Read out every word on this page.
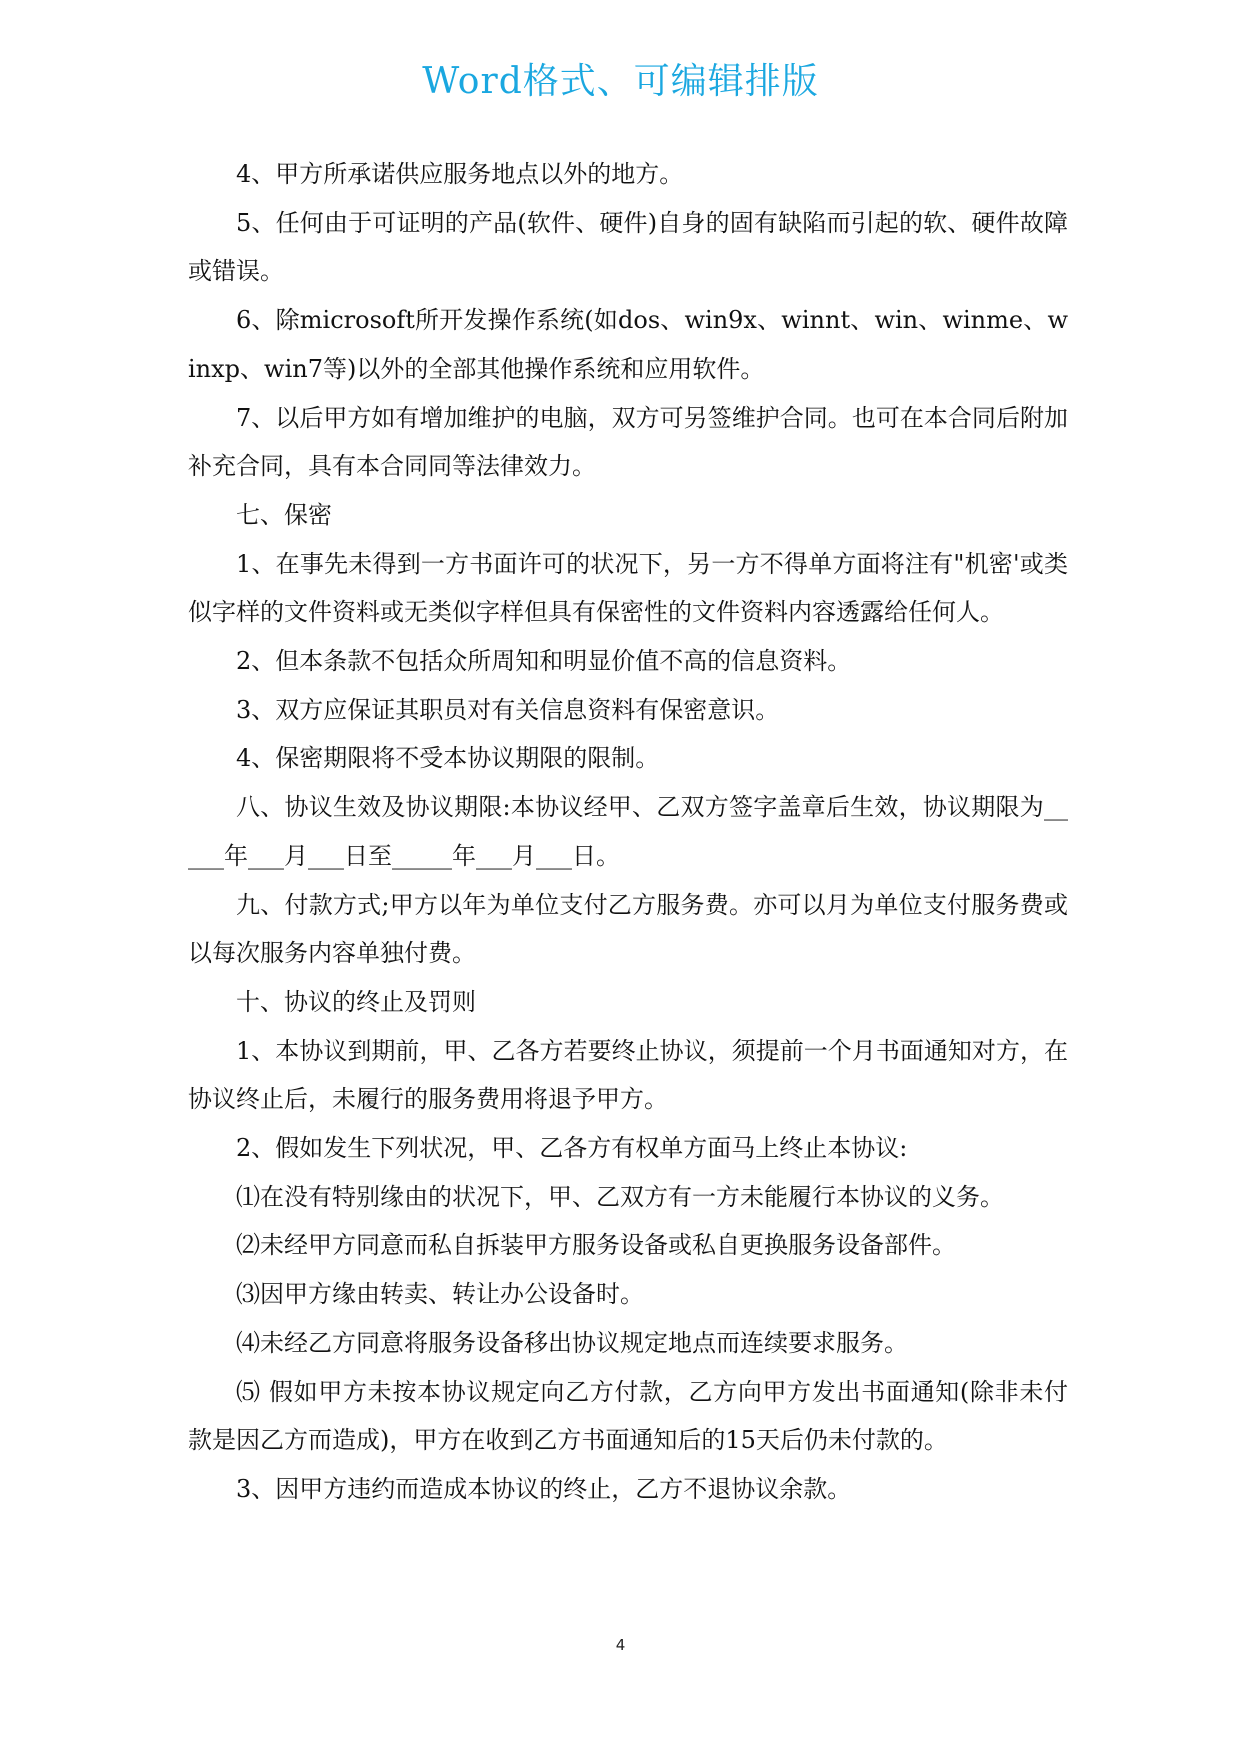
Word格式、可编辑排版

4、甲方所承诺供应服务地点以外的地方。

5、任何由于可证明的产品(软件、硬件)自身的固有缺陷而引起的软、硬件故障或错误。

6、除microsoft所开发操作系统(如dos、win9x、winnt、win、winme、winxp、win7等)以外的全部其他操作系统和应用软件。

7、以后甲方如有增加维护的电脑，双方可另签维护合同。也可在本合同后附加补充合同，具有本合同同等法律效力。

七、保密

1、在事先未得到一方书面许可的状况下，另一方不得单方面将注有"机密'或类似字样的文件资料或无类似字样但具有保密性的文件资料内容透露给任何人。

2、但本条款不包括众所周知和明显价值不高的信息资料。

3、双方应保证其职员对有关信息资料有保密意识。

4、保密期限将不受本协议期限的限制。

八、协议生效及协议期限:本协议经甲、乙双方签字盖章后生效，协议期限为_____年___月___日至_____年___月___日。

九、付款方式;甲方以年为单位支付乙方服务费。亦可以月为单位支付服务费或以每次服务内容单独付费。

十、协议的终止及罚则

1、本协议到期前，甲、乙各方若要终止协议，须提前一个月书面通知对方，在协议终止后，未履行的服务费用将退予甲方。

2、假如发生下列状况，甲、乙各方有权单方面马上终止本协议:

⑴在没有特别缘由的状况下，甲、乙双方有一方未能履行本协议的义务。

⑵未经甲方同意而私自拆装甲方服务设备或私自更换服务设备部件。

⑶因甲方缘由转卖、转让办公设备时。

⑷未经乙方同意将服务设备移出协议规定地点而连续要求服务。

⑸ 假如甲方未按本协议规定向乙方付款，乙方向甲方发出书面通知(除非未付款是因乙方而造成)，甲方在收到乙方书面通知后的15天后仍未付款的。

3、因甲方违约而造成本协议的终止，乙方不退协议余款。

4
